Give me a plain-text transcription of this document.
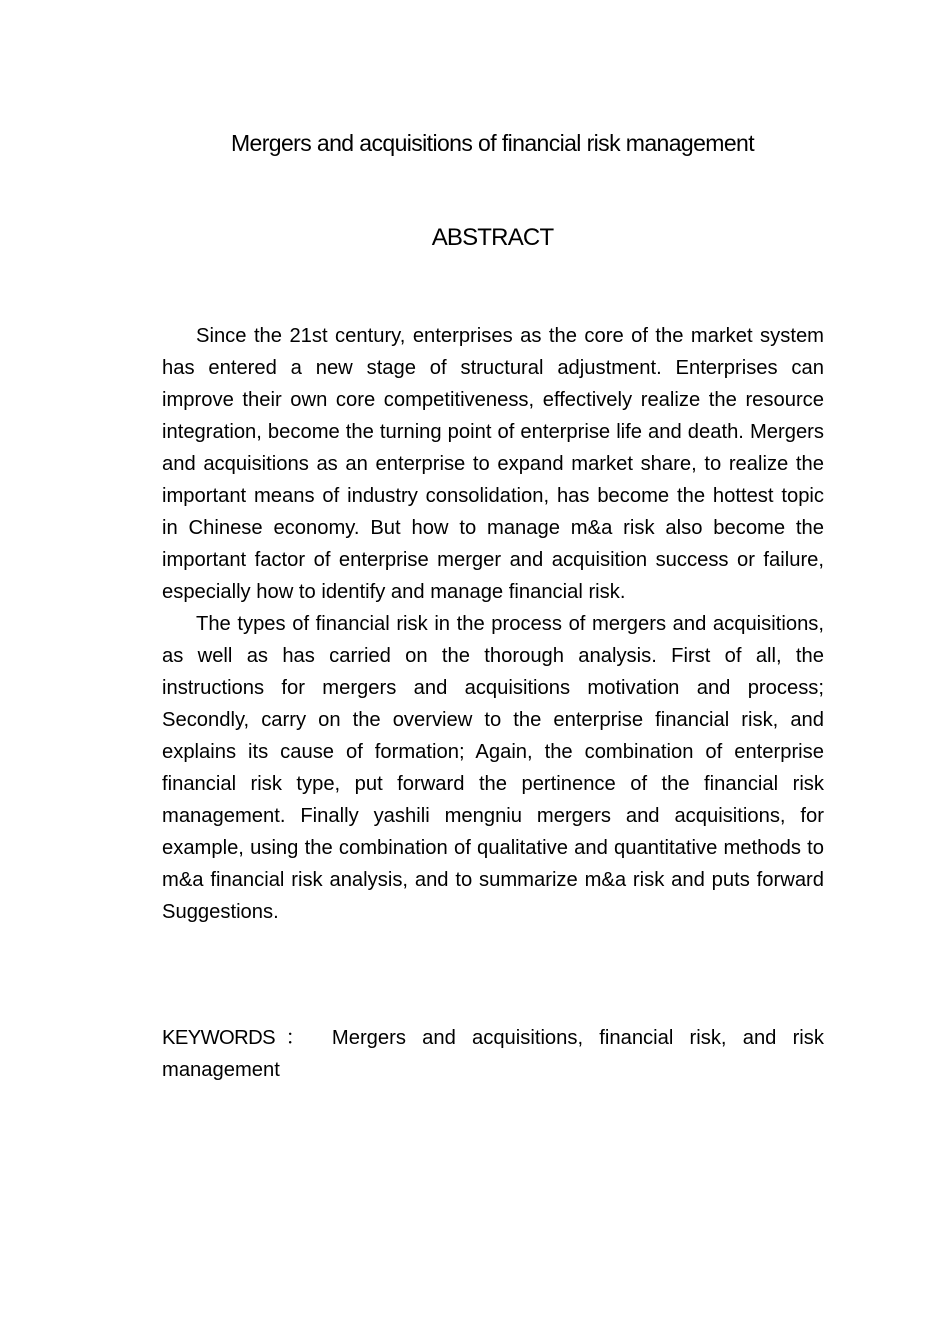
Mergers and acquisitions of financial risk management
ABSTRACT

Since the 21st century, enterprises as the core of the market system has entered a new stage of structural adjustment. Enterprises can improve their own core competitiveness, effectively realize the resource integration, become the turning point of enterprise life and death. Mergers and acquisitions as an enterprise to expand market share, to realize the important means of industry consolidation, has become the hottest topic in Chinese economy. But how to manage m&a risk also become the important factor of enterprise merger and acquisition success or failure, especially how to identify and manage financial risk.

The types of financial risk in the process of mergers and acquisitions, as well as has carried on the thorough analysis. First of all, the instructions for mergers and acquisitions motivation and process; Secondly, carry on the overview to the enterprise financial risk, and explains its cause of formation; Again, the combination of enterprise financial risk type, put forward the pertinence of the financial risk management. Finally yashili mengniu mergers and acquisitions, for example, using the combination of qualitative and quantitative methods to m&a financial risk analysis, and to summarize m&a risk and puts forward Suggestions.

KEYWORDS： Mergers and acquisitions, financial risk, and risk management
